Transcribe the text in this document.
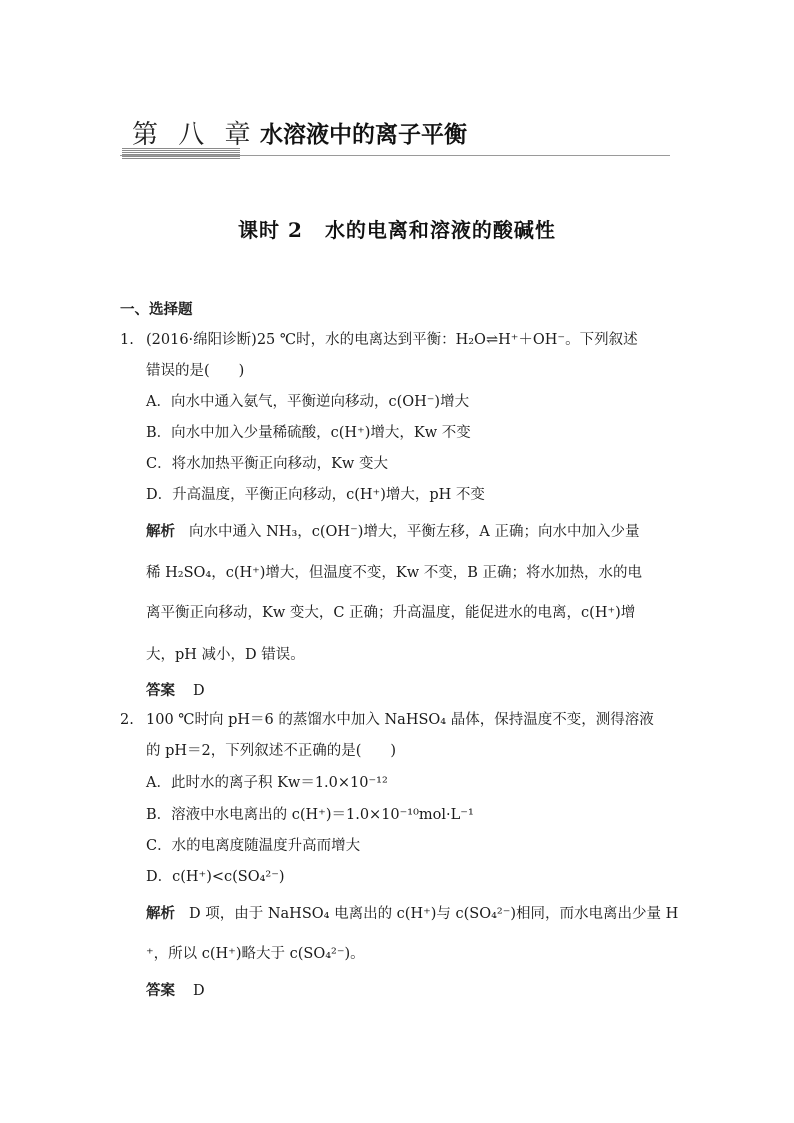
第 八 章 水溶液中的离子平衡
课时 2 水的电离和溶液的酸碱性
一、选择题
1. (2016·绵阳诊断)25 ℃时，水的电离达到平衡：H₂O⇌H⁺＋OH⁻。下列叙述
错误的是(　　)
A．向水中通入氨气，平衡逆向移动，c(OH⁻)增大
B．向水中加入少量稀硫酸，c(H⁺)增大，Kw 不变
C．将水加热平衡正向移动，Kw 变大
D．升高温度，平衡正向移动，c(H⁺)增大，pH 不变
解析 向水中通入 NH₃，c(OH⁻)增大，平衡左移，A 正确；向水中加入少量
稀 H₂SO₄，c(H⁺)增大，但温度不变，Kw 不变，B 正确；将水加热，水的电
离平衡正向移动，Kw 变大，C 正确；升高温度，能促进水的电离，c(H⁺)增
大，pH 减小，D 错误。
答案 D
2. 100 ℃时向 pH＝6 的蒸馏水中加入 NaHSO₄ 晶体，保持温度不变，测得溶液
的 pH＝2，下列叙述不正确的是(　　)
A．此时水的离子积 Kw＝1.0×10⁻¹²
B．溶液中水电离出的 c(H⁺)＝1.0×10⁻¹⁰mol·L⁻¹
C．水的电离度随温度升高而增大
D．c(H⁺)<c(SO₄²⁻)
解析 D 项，由于 NaHSO₄ 电离出的 c(H⁺)与 c(SO₄²⁻)相同，而水电离出少量 H
⁺，所以 c(H⁺)略大于 c(SO₄²⁻)。
答案 D
